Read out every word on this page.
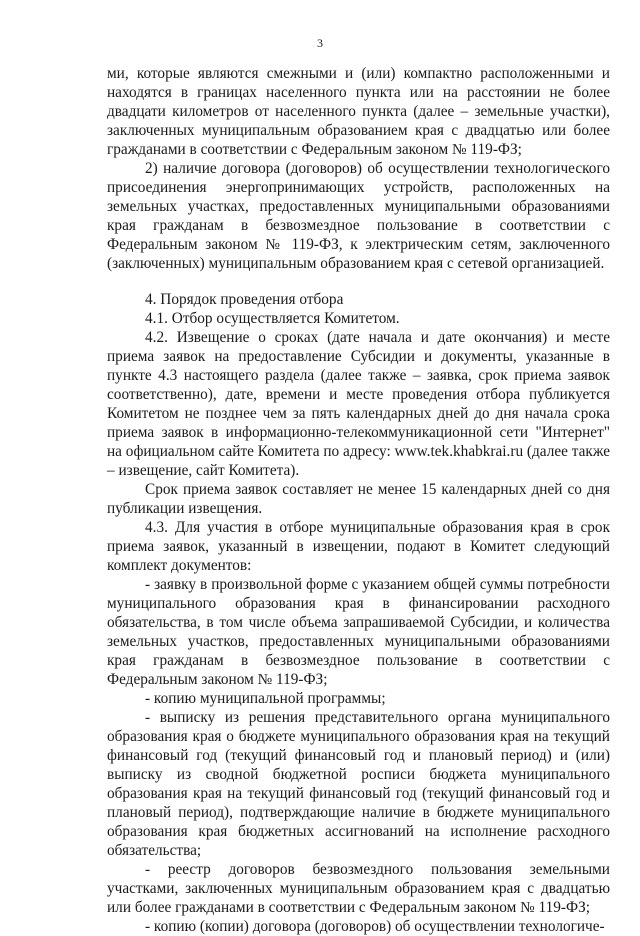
3

ми, которые являются смежными и (или) компактно расположенными и находятся в границах населенного пункта или на расстоянии не более двадцати километров от населенного пункта (далее – земельные участки), заключенных муниципальным образованием края с двадцатью или более гражданами в соответствии с Федеральным законом № 119-ФЗ;

2) наличие договора (договоров) об осуществлении технологического присоединения энергопринимающих устройств, расположенных на земельных участках, предоставленных муниципальными образованиями края гражданам в безвозмездное пользование в соответствии с Федеральным законом № 119-ФЗ, к электрическим сетям, заключенного (заключенных) муниципальным образованием края с сетевой организацией.

4. Порядок проведения отбора

4.1. Отбор осуществляется Комитетом.

4.2. Извещение о сроках (дате начала и дате окончания) и месте приема заявок на предоставление Субсидии и документы, указанные в пункте 4.3 настоящего раздела (далее также – заявка, срок приема заявок соответственно), дате, времени и месте проведения отбора публикуется Комитетом не позднее чем за пять календарных дней до дня начала срока приема заявок в информационно-телекоммуникационной сети "Интернет" на официальном сайте Комитета по адресу: www.tek.khabkrai.ru (далее также – извещение, сайт Комитета).

Срок приема заявок составляет не менее 15 календарных дней со дня публикации извещения.

4.3. Для участия в отборе муниципальные образования края в срок приема заявок, указанный в извещении, подают в Комитет следующий комплект документов:

- заявку в произвольной форме с указанием общей суммы потребности муниципального образования края в финансировании расходного обязательства, в том числе объема запрашиваемой Субсидии, и количества земельных участков, предоставленных муниципальными образованиями края гражданам в безвозмездное пользование в соответствии с Федеральным законом № 119-ФЗ;

- копию муниципальной программы;

- выписку из решения представительного органа муниципального образования края о бюджете муниципального образования края на текущий финансовый год (текущий финансовый год и плановый период) и (или) выписку из сводной бюджетной росписи бюджета муниципального образования края на текущий финансовый год (текущий финансовый год и плановый период), подтверждающие наличие в бюджете муниципального образования края бюджетных ассигнований на исполнение расходного обязательства;

- реестр договоров безвозмездного пользования земельными участками, заключенных муниципальным образованием края с двадцатью или более гражданами в соответствии с Федеральным законом № 119-ФЗ;

- копию (копии) договора (договоров) об осуществлении технологиче-
